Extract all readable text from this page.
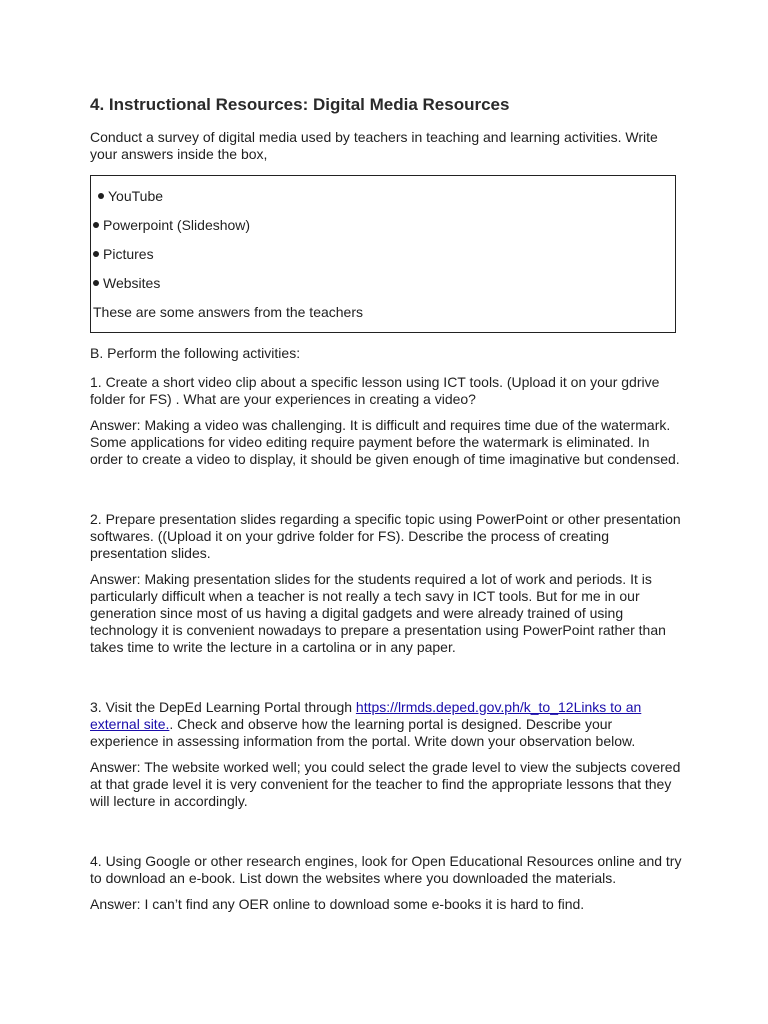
4. Instructional Resources: Digital Media Resources

Conduct a survey of digital media used by teachers in teaching and learning activities. Write your answers inside the box,

YouTube
Powerpoint (Slideshow)
Pictures
Websites

These are some answers from the teachers

B. Perform the following activities:

1. Create a short video clip about a specific lesson using ICT tools. (Upload it on your gdrive folder for FS) . What are your experiences in creating a video?

Answer: Making a video was challenging. It is difficult and requires time due of the watermark. Some applications for video editing require payment before the watermark is eliminated. In order to create a video to display, it should be given enough of time imaginative but condensed.

2. Prepare presentation slides regarding a specific topic using PowerPoint or other presentation softwares. ((Upload it on your gdrive folder for FS). Describe the process of creating presentation slides.

Answer: Making presentation slides for the students required a lot of work and periods. It is particularly difficult when a teacher is not really a tech savy in ICT tools. But for me in our generation since most of us having a digital gadgets and were already trained of using technology it is convenient nowadays to prepare a presentation using PowerPoint rather than takes time to write the lecture in a cartolina or in any paper.

3. Visit the DepEd Learning Portal through https://lrmds.deped.gov.ph/k_to_12Links to an external site.. Check and observe how the learning portal is designed. Describe your experience in assessing information from the portal. Write down your observation below.

Answer: The website worked well; you could select the grade level to view the subjects covered at that grade level it is very convenient for the teacher to find the appropriate lessons that they will lecture in accordingly.

4. Using Google or other research engines, look for Open Educational Resources online and try to download an e-book. List down the websites where you downloaded the materials.

Answer: I can’t find any OER online to download some e-books it is hard to find.
